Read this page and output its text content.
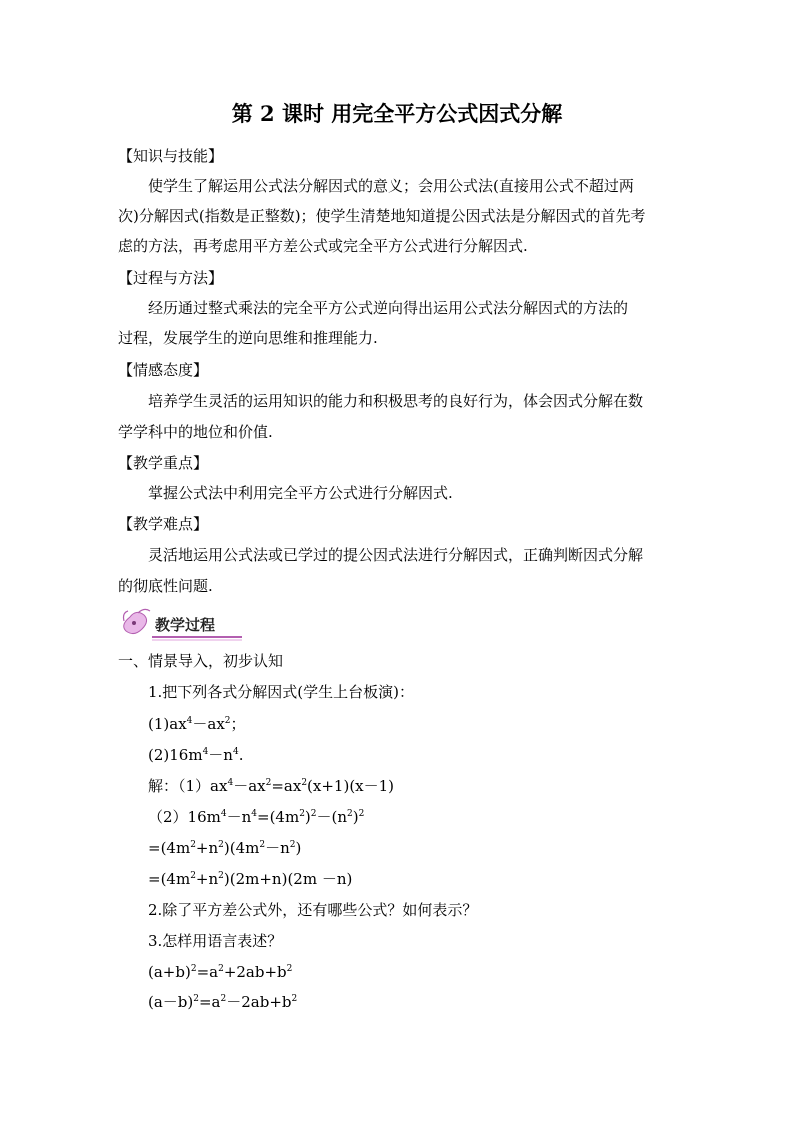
第 2 课时 用完全平方公式因式分解
【知识与技能】
使学生了解运用公式法分解因式的意义；会用公式法(直接用公式不超过两
次)分解因式(指数是正整数)；使学生清楚地知道提公因式法是分解因式的首先考
虑的方法，再考虑用平方差公式或完全平方公式进行分解因式.
【过程与方法】
经历通过整式乘法的完全平方公式逆向得出运用公式法分解因式的方法的
过程，发展学生的逆向思维和推理能力.
【情感态度】
培养学生灵活的运用知识的能力和积极思考的良好行为，体会因式分解在数
学学科中的地位和价值.
【教学重点】
掌握公式法中利用完全平方公式进行分解因式.
【教学难点】
灵活地运用公式法或已学过的提公因式法进行分解因式，正确判断因式分解
的彻底性问题.
教学过程
一、情景导入，初步认知
1.把下列各式分解因式(学生上台板演)：
$(1)ax^4-ax^2$；
$(2)16m^4-n^4$.
解：$(1)ax^4-ax^2=ax^2(x+1)(x-1)$
$(2)16m^4-n^4=(4m^2)^2-(n^2)^2$
$=(4m^2+n^2)(4m^2-n^2)$
$=(4m^2+n^2)(2m+n)(2m -n)$
2.除了平方差公式外，还有哪些公式？如何表示？
3.怎样用语言表述？
$(a+b)^2=a^2+2ab+b^2$
$(a-b)^2=a^2-2ab+b^2$
